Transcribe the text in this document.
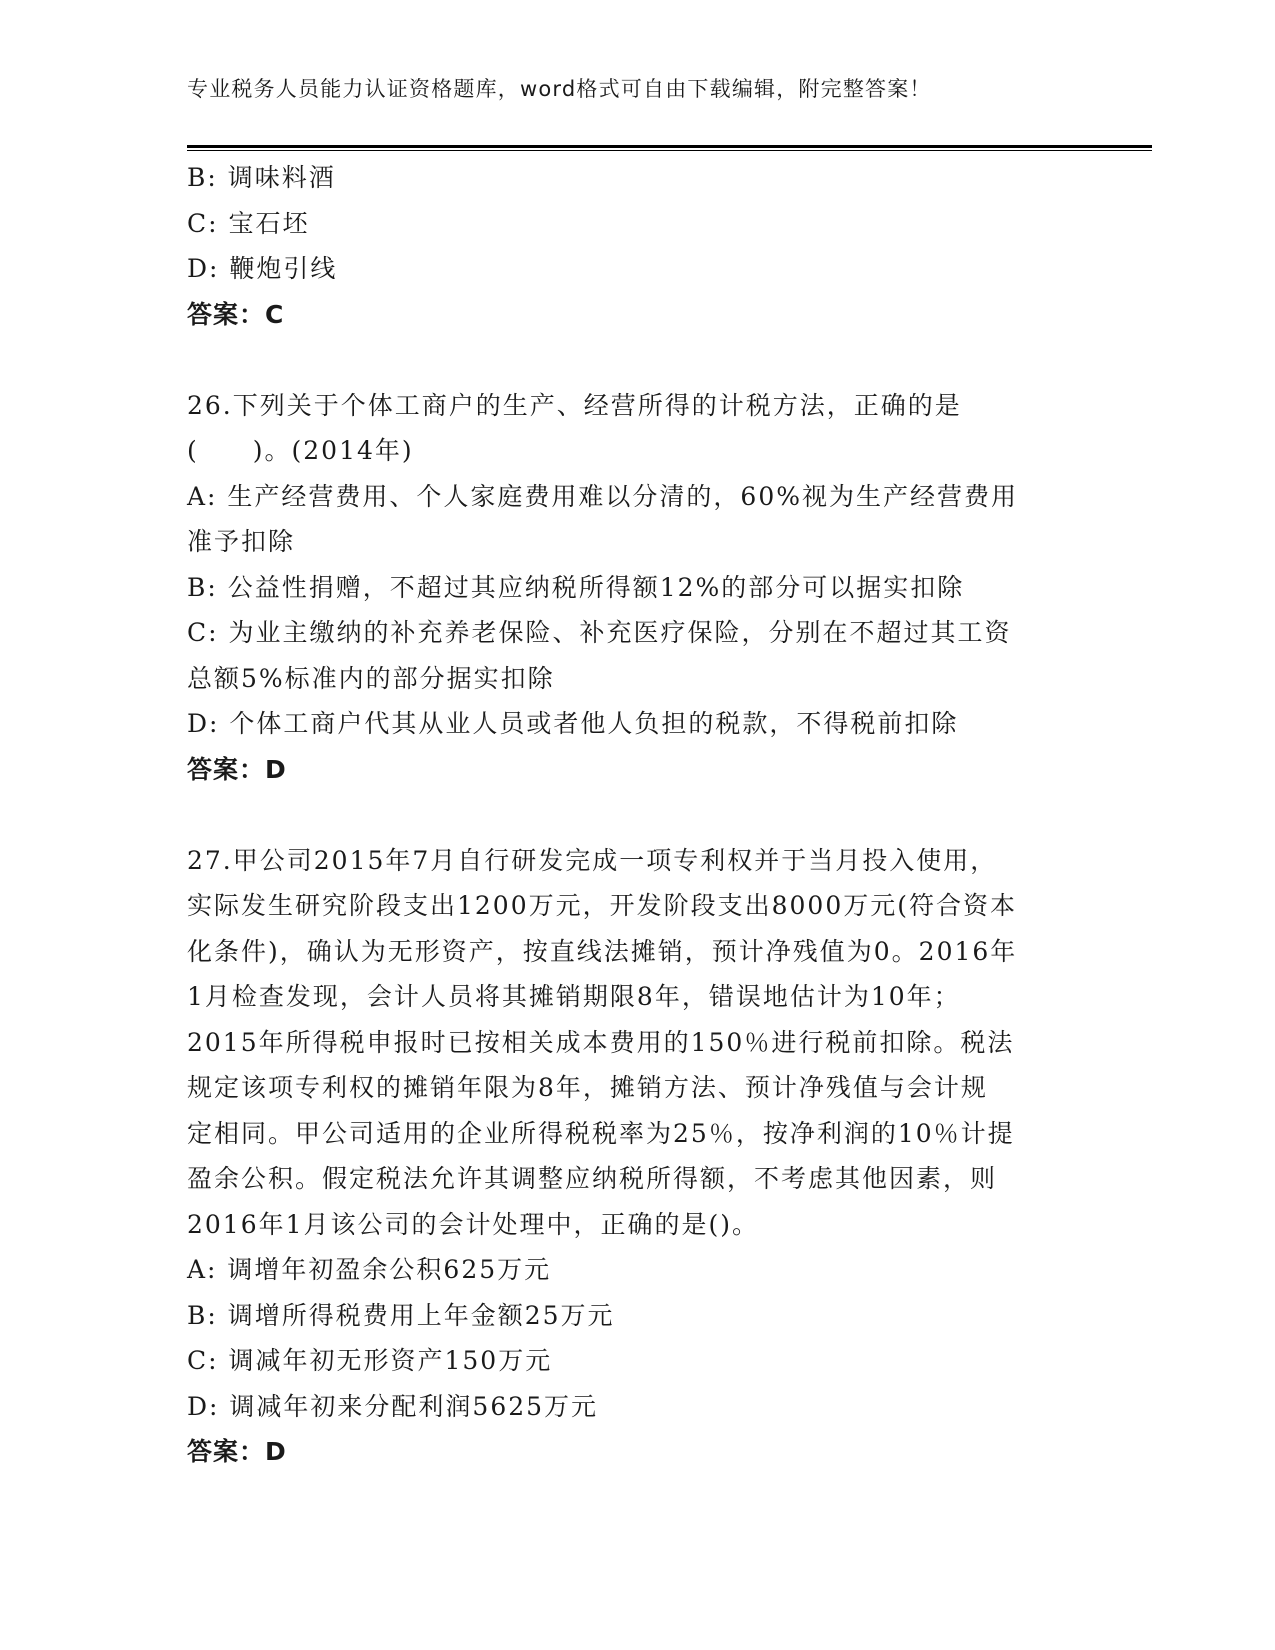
专业税务人员能力认证资格题库，word格式可自由下载编辑，附完整答案！

B: 调味料酒

C: 宝石坯

D: 鞭炮引线

答案：C

26.下列关于个体工商户的生产、经营所得的计税方法，正确的是

(　　)。(2014年)

A: 生产经营费用、个人家庭费用难以分清的，60%视为生产经营费用

准予扣除

B: 公益性捐赠，不超过其应纳税所得额12%的部分可以据实扣除

C: 为业主缴纳的补充养老保险、补充医疗保险，分别在不超过其工资

总额5%标准内的部分据实扣除

D: 个体工商户代其从业人员或者他人负担的税款，不得税前扣除

答案：D

27.甲公司2015年7月自行研发完成一项专利权并于当月投入使用，

实际发生研究阶段支出1200万元，开发阶段支出8000万元(符合资本

化条件)，确认为无形资产，按直线法摊销，预计净残值为0。2016年

1月检查发现，会计人员将其摊销期限8年，错误地估计为10年；

2015年所得税申报时已按相关成本费用的150％进行税前扣除。税法

规定该项专利权的摊销年限为8年，摊销方法、预计净残值与会计规

定相同。甲公司适用的企业所得税税率为25％，按净利润的10％计提

盈余公积。假定税法允许其调整应纳税所得额，不考虑其他因素，则

2016年1月该公司的会计处理中，正确的是()。

A: 调增年初盈余公积625万元

B: 调增所得税费用上年金额25万元

C: 调减年初无形资产150万元

D: 调减年初来分配利润5625万元

答案：D
